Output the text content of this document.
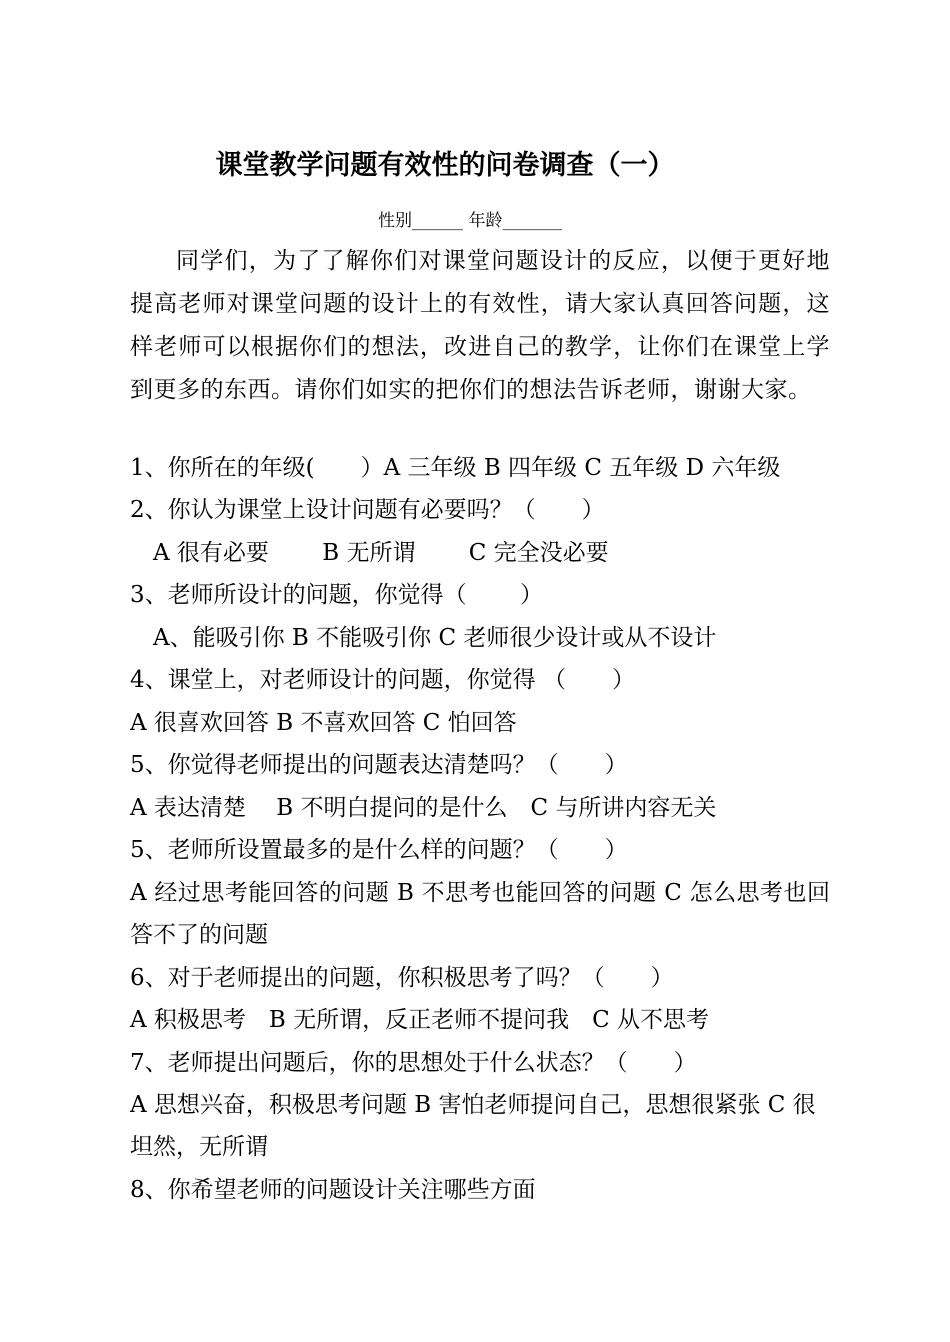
课堂教学问题有效性的问卷调查（一）
性别______ 年龄_______
同学们，为了了解你们对课堂问题设计的反应，以便于更好地提高老师对课堂问题的设计上的有效性，请大家认真回答问题，这样老师可以根据你们的想法，改进自己的教学，让你们在课堂上学到更多的东西。请你们如实的把你们的想法告诉老师，谢谢大家。
1、你所在的年级(　　）A 三年级 B 四年级 C 五年级 D 六年级
2、你认为课堂上设计问题有必要吗？（　　）
　A 很有必要　　 B 无所谓　　 C 完全没必要
3、老师所设计的问题，你觉得（　　 ）
　A、能吸引你 B 不能吸引你 C 老师很少设计或从不设计
4、课堂上，对老师设计的问题，你觉得 （　　）
A 很喜欢回答 B 不喜欢回答 C 怕回答
5、你觉得老师提出的问题表达清楚吗？（　　）
A 表达清楚　 B 不明白提问的是什么　C 与所讲内容无关
5、老师所设置最多的是什么样的问题？（　　）
A 经过思考能回答的问题 B 不思考也能回答的问题 C 怎么思考也回答不了的问题
6、对于老师提出的问题，你积极思考了吗？（　　）
A 积极思考　B 无所谓，反正老师不提问我　C 从不思考
7、老师提出问题后，你的思想处于什么状态？（　　）
A 思想兴奋，积极思考问题 B 害怕老师提问自己，思想很紧张 C 很坦然，无所谓
8、你希望老师的问题设计关注哪些方面
